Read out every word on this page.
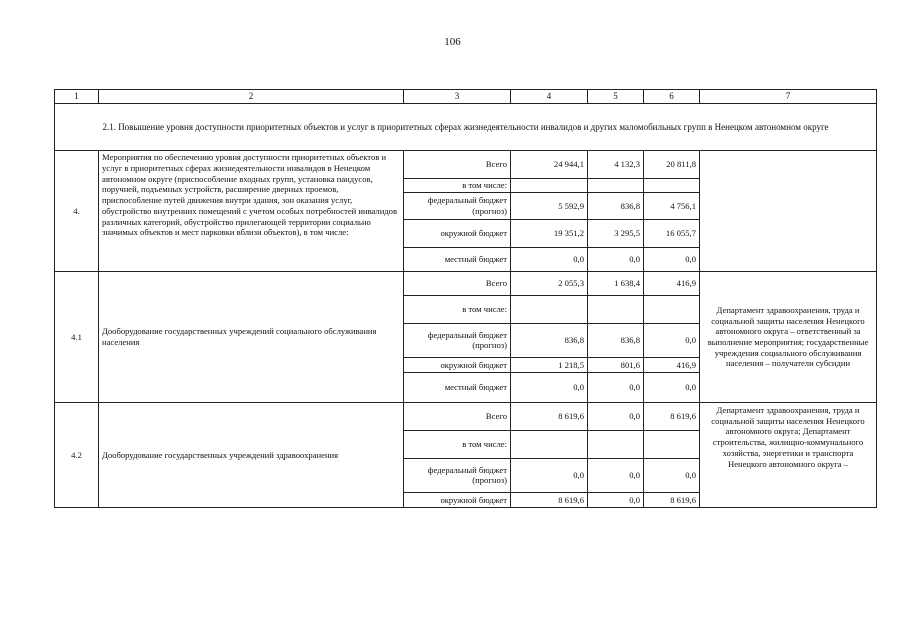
106
1	2	3	4	5	6	7
2.1. Повышение уровня доступности приоритетных объектов и услуг в приоритетных сферах жизнедеятельности инвалидов и других маломобильных групп в Ненецком автономном округе						
4.	Мероприятия по обеспечению уровня доступности приоритетных объектов и услуг в приоритетных сферах жизнедеятельности инвалидов в Ненецком автономном округе (приспособление входных групп, установка пандусов, поручней, подъемных устройств, расширение дверных проемов, приспособление путей движения внутри здания, зон оказания услуг, обустройство внутренних помещений с учетом особых потребностей инвалидов различных категорий, обустройство прилегающей территории социально значимых объектов и мест парковки вблизи объектов), в том числе:	Всего	24 944,1	4 132,3	20 811,8	
		в том числе:				
		федеральный бюджет (прогноз)	5 592,9	836,8	4 756,1	
		окружной бюджет	19 351,2	3 295,5	16 055,7	
		местный бюджет	0,0	0,0	0,0	
4.1	Дооборудование государственных учреждений социального обслуживания населения	Всего	2 055,3	1 638,4	416,9	Департамент здравоохранения, труда и социальной защиты населения Ненецкого автономного округа – ответственный за выполнение мероприятия; государственные учреждения социального обслуживания населения – получатели субсидии
		в том числе:				
		федеральный бюджет (прогноз)	836,8	836,8	0,0	
		окружной бюджет	1 218,5	801,6	416,9	
		местный бюджет	0,0	0,0	0,0	
4.2	Дооборудование государственных учреждений здравоохранения	Всего	8 619,6	0,0	8 619,6	Департамент здравоохранения, труда и социальной защиты населения Ненецкого автономного округа; Департамент строительства, жилищно-коммунального хозяйства, энергетики и транспорта Ненецкого автономного округа –
		в том числе:				
		федеральный бюджет (прогноз)	0,0	0,0	0,0	
		окружной бюджет	8 619,6	0,0	8 619,6	
